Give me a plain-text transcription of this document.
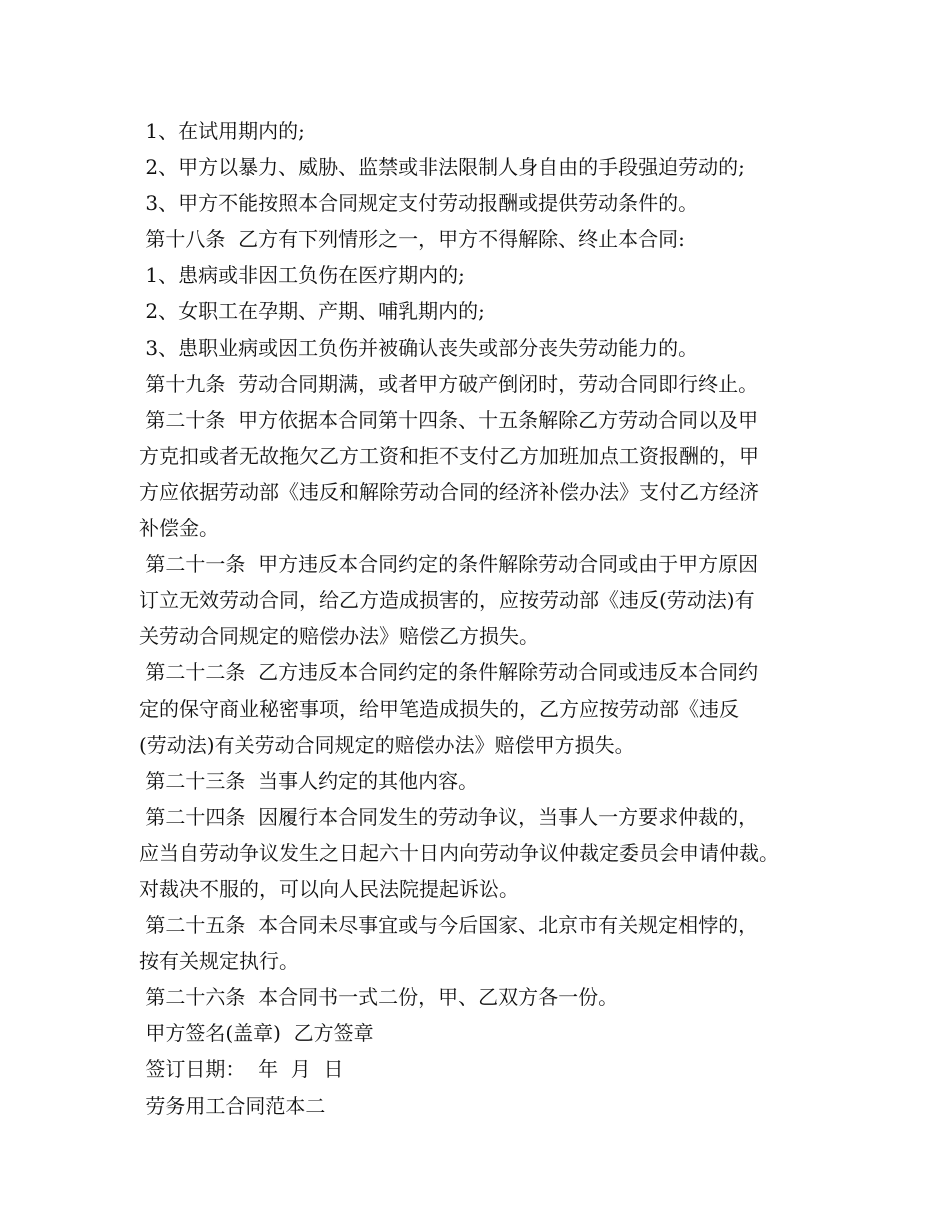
1、在试用期内的;
2、甲方以暴力、威胁、监禁或非法限制人身自由的手段强迫劳动的;
3、甲方不能按照本合同规定支付劳动报酬或提供劳动条件的。
第十八条  乙方有下列情形之一，甲方不得解除、终止本合同:
1、患病或非因工负伤在医疗期内的;
2、女职工在孕期、产期、哺乳期内的;
3、患职业病或因工负伤并被确认丧失或部分丧失劳动能力的。
第十九条  劳动合同期满，或者甲方破产倒闭时，劳动合同即行终止。
第二十条  甲方依据本合同第十四条、十五条解除乙方劳动合同以及甲
方克扣或者无故拖欠乙方工资和拒不支付乙方加班加点工资报酬的，甲
方应依据劳动部《违反和解除劳动合同的经济补偿办法》支付乙方经济
补偿金。
第二十一条  甲方违反本合同约定的条件解除劳动合同或由于甲方原因
订立无效劳动合同，给乙方造成损害的，应按劳动部《违反(劳动法)有
关劳动合同规定的赔偿办法》赔偿乙方损失。
第二十二条  乙方违反本合同约定的条件解除劳动合同或违反本合同约
定的保守商业秘密事项，给甲笔造成损失的，乙方应按劳动部《违反
(劳动法)有关劳动合同规定的赔偿办法》赔偿甲方损失。
第二十三条  当事人约定的其他内容。
第二十四条  因履行本合同发生的劳动争议，当事人一方要求仲裁的，
应当自劳动争议发生之日起六十日内向劳动争议仲裁定委员会申请仲裁。
对裁决不服的，可以向人民法院提起诉讼。
第二十五条  本合同未尽事宜或与今后国家、北京市有关规定相悖的，
按有关规定执行。
第二十六条  本合同书一式二份，甲、乙双方各一份。
甲方签名(盖章)  乙方签章
签订日期：  年  月  日
劳务用工合同范本二
